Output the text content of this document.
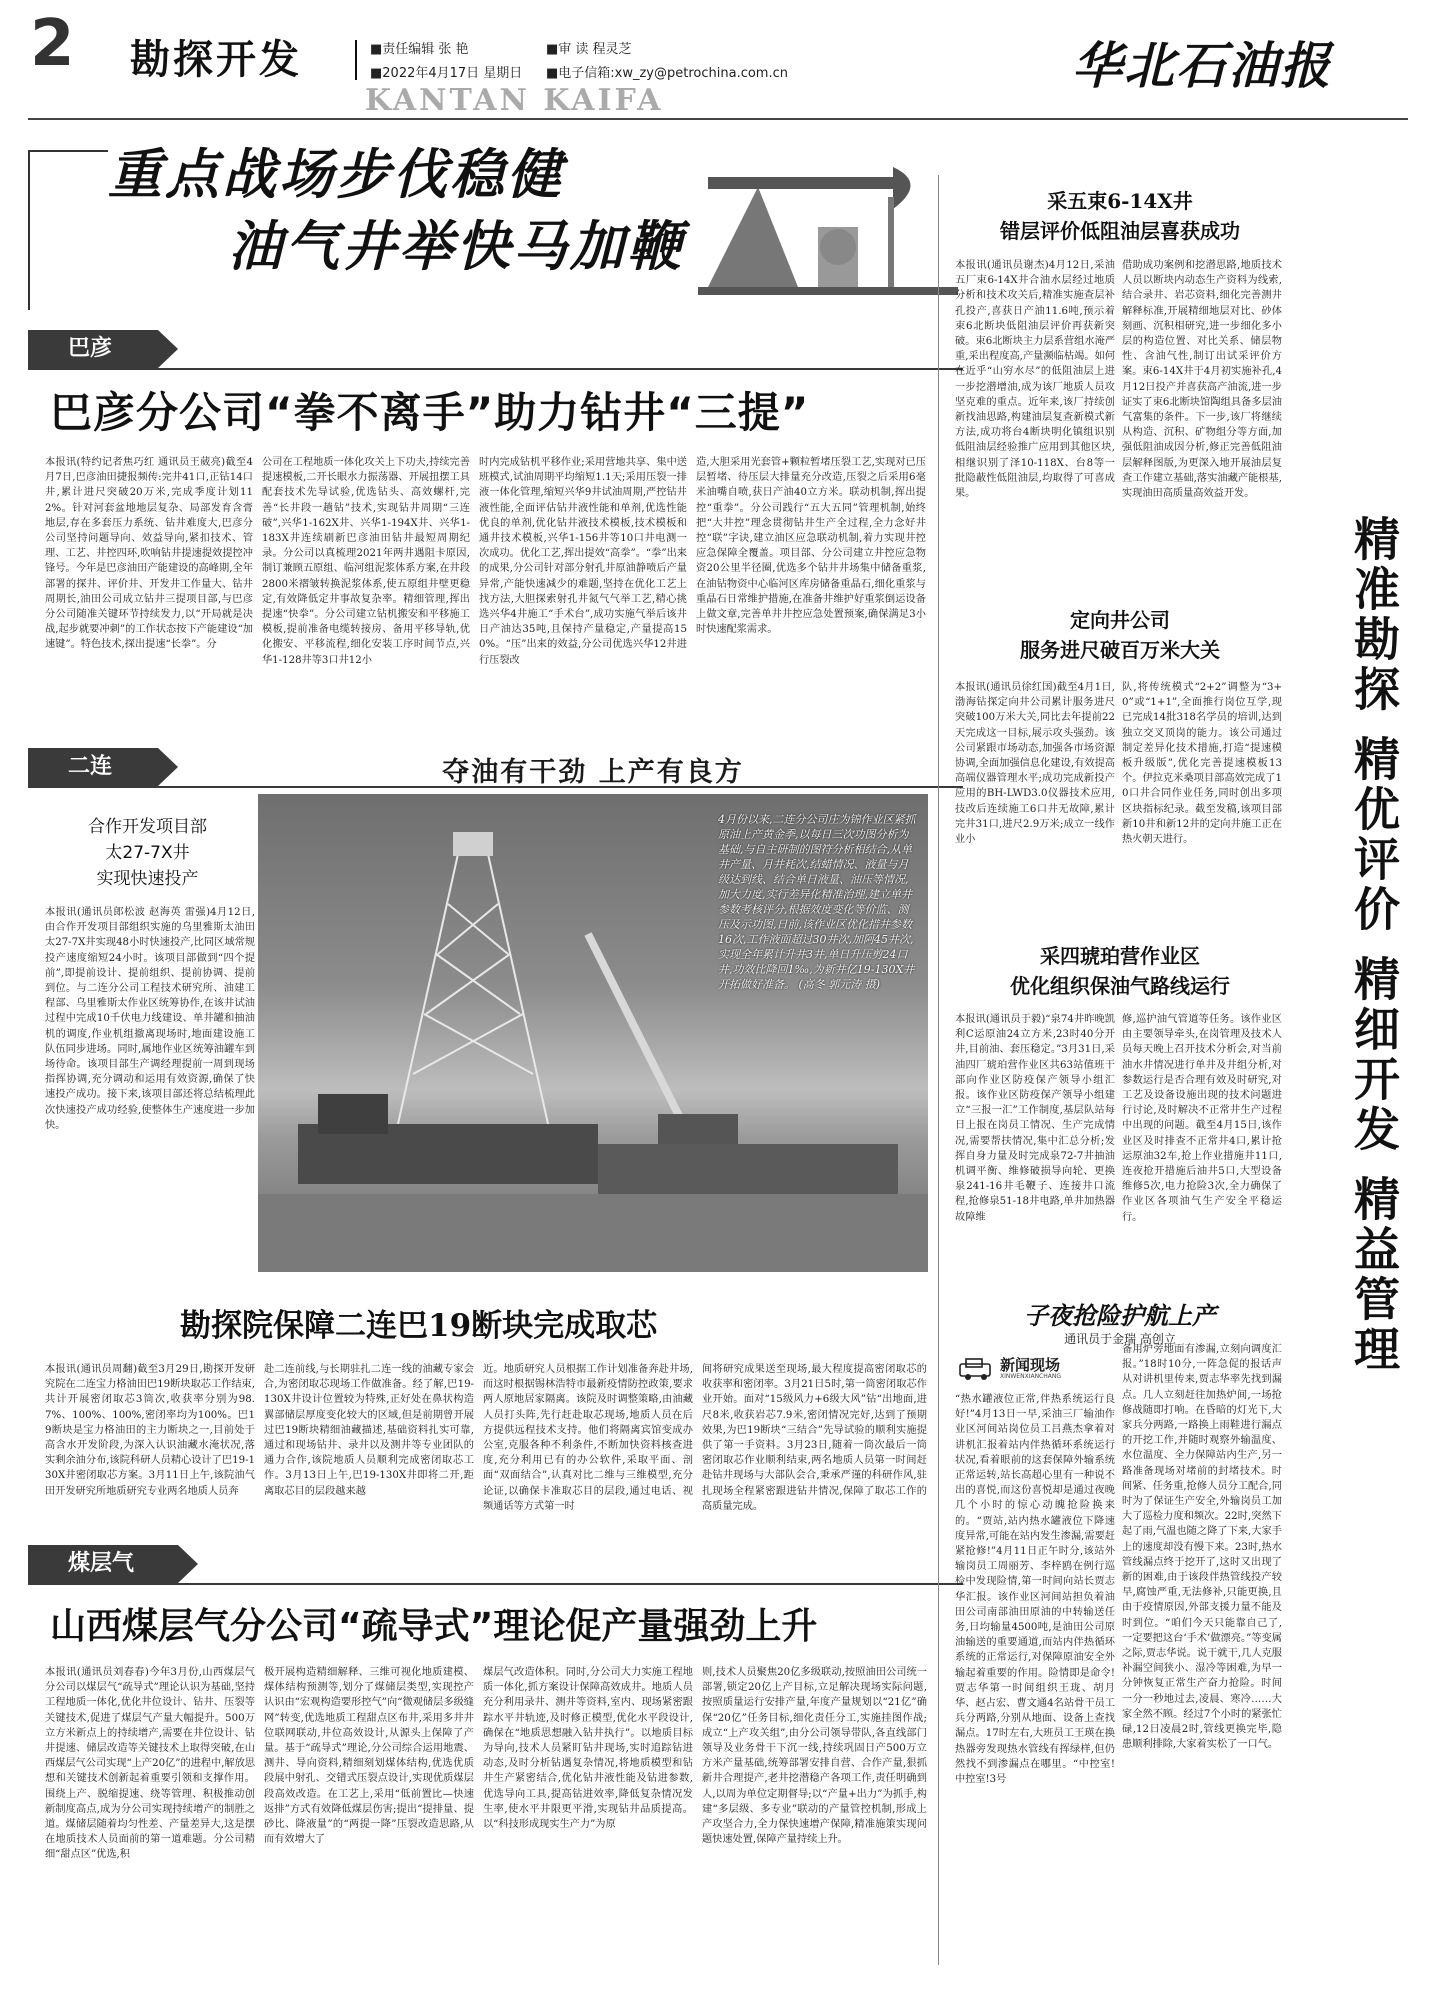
2 勘探开发	■责任编辑 张 艳	■审 读 程灵芝
■2022年4月17日 星期日 ■电子信箱:xw_zy@petrochina.com.cn
KANTAN KAIFA
华北石油报
重点战场步伐稳健
油气井举快马加鞭
巴彦
巴彦分公司“拳不离手”助力钻井“三提”
本报讯(特约记者焦巧红 通讯员王葳亮)截至4月7日,巴彦油田捷报频传:完井41口,正钻14口井,累计进尺突破20万米,完成季度计划112%。针对河套盆地地层复杂、局部发育含膏地层,存在多套压力系统、钻井难度大,巴彦分公司坚持问题导向、效益导向,紧扣技术、管理、工艺、井控四环,吹响钻井提速提效提控冲锋号。今年是巴彦油田产能建设的高峰期,全年部署的探井、评价井、开发井工作量大、钻井周期长,油田公司成立钻井三提项目部,与巴彦分公司随准关键环节持续发力,以“开局就是决战,起步就要冲刺”的工作状态按下产能建设“加速键”。特色技术,探出提速“长拳”。分
公司在工程地质一体化攻关上下功夫,持续完善提速模板,二开长眼水力振荡器、开展扭摆工具配套技术先导试验,优选钻头、高效螺杆,完善“长井段一趟钻”技术,实现钻井周期“三连破”,兴华1-162X井、兴华1-194X井、兴华1-183X井连续刷新巴彦油田钻井最短周期纪录。分公司以真梳理2021年两井遇阻卡原因,制订兼顾五原组、临河组泥浆体系方案,在井段2800米褶皱转换泥浆体系,使五原组井壁更稳定,有效降低定井事故复杂率。精细管理,挥出提速“快拳”。分公司建立钻机搬安和平移施工模板,提前准备电缆转接房、备用平移导轨,优化搬安、平移流程,细化安装工序时间节点,兴华1-128井等3口井12小
时内完成钻机平移作业;采用营地共享、集中送班模式,试油周期平均缩短1.1天;采用压裂一排液一体化管理,缩短兴华9井试油周期,严控钻井液性能,全面评估钻井液性能和单剂,优选性能优良的单剂,优化钻井液技术模板,技术模板和通井技术模板,兴华1-156井等10口井电测一次成功。优化工艺,挥出提效“高拳”。“拳”出来的成果,分公司针对部分射孔井原油静喷后产量异常,产能快速减少的难题,坚持在优化工艺上找方法,大胆探索射孔井氮气气举工艺,精心挑选兴华4井施工“手术台”,成功实施气举后该井日产油达35吨,且保持产量稳定,产量提高150%。“压”出来的效益,分公司优选兴华12井进行压裂改
造,大胆采用光套管+颗粒暂堵压裂工艺,实现对已压层暂堵、待压层大排量充分改造,压裂之后采用6毫米油嘴自喷,获日产油40立方米。联动机制,挥出提控“重拳”。分公司践行“五大五同”管理机制,始终把“大井控”理念贯彻钻井生产全过程,全力念好井控“联”字诀,建立油区应急联动机制,着力实现井控应急保障全覆盖。项目部、分公司建立井控应急物资20公里半径圈,优选多个钻井井场集中储备重浆,在油钻物资中心临河区库房储备重晶石,细化重浆与重晶石日常维护措施,在准备井维护好重浆倒运设备上做文章,完善单井井控应急处置预案,确保满足3小时快速配浆需求。
二连
合作开发项目部
太27-7X井
实现快速投产
本报讯(通讯员郎松波 赵海英 雷强)4月12日,由合作开发项目部组织实施的乌里雅斯太油田太27-7X井实现48小时快速投产,比同区域常规投产速度缩短24小时。该项目部做到“四个提前”,即提前设计、提前组织、提前协调、提前到位。与二连分公司工程技术研究所、油建工程部、乌里雅斯太作业区统筹协作,在该井试油过程中完成10千伏电力线建设、单井罐和抽油机的调度,作业机组撤离现场时,地面建设施工队伍同步进场。同时,属地作业区统筹油罐车到场待命。该项目部生产调经理提前一周到现场指挥协调,充分调动和运用有效资源,确保了快速投产成功。接下来,该项目部还将总结梳理此次快速投产成功经验,使整体生产速度进一步加快。
夺油有干劲 上产有良方
4月份以来,二连分公司庄为锦作业区紧抓原油上产黄金季,以每日三次功图分析为基础,与自主研制的图符分析相结合,从单井产量、月井耗次,结蜡情况、液量与月级达到线、结合单日液量、油压等情况,加大力度,实行差异化精准治理,建立单井参数考核评分,根据效度变化等价监、测压及示功图,日前,该作业区优化措井参数16次,工作液面超过30井次,加阿45井次,实现全年累计升井3井,单日升压剪24口井,功效比降回1‰,为新井亿19-130X井开拓做好准备。 (高冬 郭元涛 摄)
勘探院保障二连巴19断块完成取芯
本报讯(通讯员周翻)截至3月29日,勘探开发研究院在二连宝力格油田巴19断块取芯工作结束,共计开展密闭取芯3筒次,收获率分别为98.7%、100%、100%,密闭率均为100%。巴19断块是宝力格油田的主力断块之一,目前处于高含水开发阶段,为深入认识油藏水淹状况,落实剩余油分布,该院科研人员精心设计了巴19-130X井密闭取芯方案。3月11日上午,该院油气田开发研究所地质研究专业两名地质人员奔
赴二连前线,与长期驻扎二连一线的油藏专家会合,为密闭取芯现场工作做准备。经了解,巴19-130X井设计位置较为特殊,正好处在鼻状构造翼部储层厚度变化较大的区域,但是前期曾开展过巴19断块精细油藏描述,基础资料扎实可靠,通过和现场钻井、录井以及测井等专业团队的通力合作,该院地质人员顺利完成密闭取芯工作。3月13日上午,巴19-130X井即将二开,距离取芯目的层段越来越
近。地质研究人员根据工作计划准备奔赴井场,而这时根据锡林浩特市最新疫情防控政策,要求两人原地居家隔离。该院及时调整策略,由油藏人员打头阵,先行赶赴取芯现场,地质人员在后方提供远程技术支持。他们将隔离宾馆变成办公室,克服各种不利条件,不断加快资料核查进度,充分利用已有的办公软件,采取平面、剖面“双面结合”,认真对比二维与三维模型,充分论证,以确保卡准取芯目的层段,通过电话、视频通话等方式第一时
间将研究成果送至现场,最大程度提高密闭取芯的收获率和密闭率。3月21日5时,第一筒密闭取芯作业开始。面对“15级风力+6级大风”钻“出地面,进尺8米,收获岩芯7.9米,密闭情况完好,达到了预期效果,为巴19断块“三结合”先导试验的顺利实施提供了第一手资料。3月23日,随着一筒次最后一筒密闭取芯作业顺利结束,两名地质人员第一时间赶赴钻井现场与大部队会合,秉承严谨的科研作风,驻扎现场全程紧密跟进钻井情况,保障了取芯工作的高质量完成。
煤层气
山西煤层气分公司“疏导式”理论促产量强劲上升
本报讯(通讯员刘春春)今年3月份,山西煤层气分公司以煤层气“疏导式”理论认识为基础,坚持工程地质一体化,优化井位设计、钻井、压裂等关键技术,促进了煤层气产量大幅提升。500万立方米新点上的持续增产,需要在井位设计、钻井提速、储层改造等关键技术上取得突破,在山西煤层气公司实现“上产20亿”的进程中,解放思想和关键技术创新起着重要引领和支撑作用。围绕上产、脱缩提速、绕等管理、积极推动创新制度高点,成为分公司实现持续增产的制胜之道。煤储层随着均匀性差、产量差异大,这是摆在地质技术人员面前的第一道难题。分公司精细“甜点区”优选,积
极开展构造精细解释、三维可视化地质建模、煤体结构预测等,划分了煤储层类型,实现控产认识由“宏观构造要形控气”向“微观储层多级缝网”转变,优选地质工程甜点区布井,采用多井井位联网联动,井位高效设计,从源头上保障了产量。基于“疏导式”理论,分公司综合运用地震、测井、导向资料,精细刻划煤体结构,优选优质段展中射孔、交错式压裂点设计,实现优质煤层段高效改造。在工艺上,采用“低前置比—快速返排”方式有效降低煤层伤害;提出“提排量、提砂比、降液量”的“两提一降”压裂改造思路,从而有效增大了
煤层气改造体积。同时,分公司大力实施工程地质一体化,抓方案设计保障高效成井。地质人员充分利用录井、测井等资料,室内、现场紧密跟踪水平井轨迹,及时修正模型,优化水平段设计,确保在“地质思想融入钻井执行”。以地质目标为导向,技术人员紧盯钻井现场,实时追踪钻进动态,及时分析钻遇复杂情况,将地质模型和钻井生产紧密结合,优化钻井液性能及钻进参数,优选导向工具,提高钻进效率,降低复杂情况发生率,使水平井限更平滑,实现钻井品质提高。以“科技形成现实生产力”为原
则,技术人员聚焦20亿多级联动,按照油田公司统一部署,锁定20亿上产目标,立足解决现场实际问题,按照质量运行安排产量,年度产量规划以“21亿”确保“20亿”任务目标,细化责任分工,实施挂图作战;成立“上产攻关组”,由分公司领导带队,各直线部门领导及业务骨干下沉一线,持续巩固日产500万立方米产量基础,统筹部署安排自营、合作产量,狠抓新井合理提产,老井挖潜稳产各项工作,责任明确到人,以周为单位定期督导;以“产量+出力”为抓手,构建“多层级、多专业”联动的产量管控机制,形成上产攻坚合力,全力保快速增产保障,精准施策实现问题快速处置,保障产量持续上升。
采五束6-14X井
错层评价低阻油层喜获成功
本报讯(通讯员谢杰)4月12日,采油五厂束6-14X井合油水层经过地质分析和技术攻关后,精准实施查层补孔投产,喜获日产油11.6吨,预示着束6北断块低阻油层评价再获新突破。束6北断块主力层系营组水淹严重,采出程度高,产量濒临枯竭。如何在近乎“山穷水尽”的低阻油层上进一步挖潜增油,成为该厂地质人员攻坚克难的重点。近年来,该厂持续创新找油思路,构建油层复查新模式新方法,成功将台4断块明化镇组识别低阻油层经验推广应用到其他区块,相继识别了泽10-118X、台8等一批隐蔽性低阻油层,均取得了可喜成果。
借助成功案例和挖潜思路,地质技术人员以断块内动态生产资料为线索,结合录井、岩芯资料,细化完善测井解释标准,开展精细地层对比、砂体刻画、沉积相研究,进一步细化多小层的构造位置、对比关系、储层物性、含油气性,制订出试采评价方案。束6-14X井于4月初实施补孔,4月12日投产并喜获高产油流,进一步证实了束6北断块馆陶组具备多层油气富集的条件。下一步,该厂将继续从构造、沉积、矿物组分等方面,加强低阻油成因分析,修正完善低阻油层解释图版,为更深入地开展油层复查工作建立基础,落实油藏产能根基,实现油田高质量高效益开发。
定向井公司
服务进尺破百万米大关
本报讯(通讯员徐红国)截至4月1日,渤海钻探定向井公司累计服务进尺突破100万米大关,同比去年提前22天完成这一目标,展示攻头强劲。该公司紧跟市场动态,加强各市场资源协调,全面加强信息化建设,有效提高高端仪器管理水平;成功完成新投产应用的BH-LWD3.0仪器技术应用,技改后连续施工6口井无故障,累计完井31口,进尺2.9万米;成立一线作业小
队,将传统模式“2+2”调整为“3+0”或“1+1”,全面推行岗位互学,现已完成14批318名学员的培训,达到独立交叉顶岗的能力。该公司通过制定差异化技术措施,打造“提速模板升级版”,优化完善提速模板13个。伊拉克米桑项目部高效完成了10口井合同作业任务,同时创出多项区块指标纪录。截至发稿,该项目部新10井和新12井的定向井施工正在热火朝天进行。
采四琥珀营作业区
优化组织保油气路线运行
本报讯(通讯员于毅)“泉74井昨晚凯利C运原油24立方米,23时40分开井,目前油、套压稳定。”3月31日,采油四厂琥珀营作业区共63站值班干部向作业区防疫保产领导小组汇报。该作业区防疫保产领导小组建立“三报一汇”工作制度,基层队站每日上报在岗员工情况、生产完成情况,需要帮扶情况,集中汇总分析;发挥自身力量及时完成泉72-7井抽油机调平衡、维修破损导向轮、更换泉241-16井毛鞭子、连接井口流程,抢修泉51-18井电路,单井加热器故障维
修,巡护油气管道等任务。该作业区由主要领导牵头,在岗管理及技术人员每天晚上召开技术分析会,对当前油水井情况进行单井及井组分析,对参数运行是否合理有效及时研究,对工艺及设备设施出现的技术问题进行讨论,及时解决不正常井生产过程中出现的问题。截至4月15日,该作业区及时排查不正常井4口,累计抢运原油32车,抢上作业措施井11口,连夜抢开措施后油井5口,大型设备维修5次,电力抢险3次,全力确保了作业区各项油气生产安全平稳运行。
子夜抢险护航上产
通讯员于金瑞 高创立
新闻现场
XINWENXIANCHANG
“热水罐液位正常,伴热系统运行良好!”4月13日一早,采油三厂输油作业区河间站岗位员工吕燕杰拿着对讲机汇报着站内伴热循环系统运行状况,看着眼前的这套保障外输系统正常运转,站长高超心里有一种说不出的喜悦,而这份喜悦却是通过夜晚几个小时的惊心动魄抢险换来的。“贾站,站内热水罐液位下降速度异常,可能在站内发生渗漏,需要赶紧抢修!”4月11日正午时分,该站外输岗员工周丽芳、李梓鸥在例行巡检中发现险情,第一时间向站长贾志华汇报。该作业区河间站担负着油田公司南部油田原油的中转输送任务,日均输量4500吨,是油田公司原油输送的重要通道,而站内伴热循环系统的正常运行,对保障原油安全外输起着重要的作用。险情即是命令!贾志华第一时间组织王珑、胡月华、赵占宏、曹文通4名站骨干员工兵分两路,分别从地面、设备上查找漏点。17时左右,大班员工王瑛在换热器旁发现热水管线有挥绿样,但仍然找不到渗漏点在哪里。“中控室!中控室!3号
备用炉旁地面有渗漏,立刻向调度汇报。”18时10分,一阵急促的报话声从对讲机里传来,贾志华率先找到漏点。几人立刻赶往加热炉间,一场抢修战随即打响。在昏暗的灯光下,大家兵分两路,一路换上雨鞋进行漏点的开挖工作,并随时观察外输温度、水位温度、全力保障站内生产,另一路准备现场对堵前的封堵技术。时间紧、任务重,抢修人员分工配合,同时为了保证生产安全,外输岗员工加大了巡检力度和频次。22时,突然下起了雨,气温也随之降了下来,大家手上的速度却没有慢下来。23时,热水管线漏点终于挖开了,这时又出现了新的困难,由于该段伴热管线投产较早,腐蚀严重,无法修补,只能更换,且由于疫情原因,外部支援力量不能及时到位。“咱们今天只能靠自己了,一定要把这台‘手术’做漂亮。”等变属之际,贾志华说。说干就干,几人克服补漏空间狭小、湿冷等困难,为早一分钟恢复正常生产奋力抢险。时间一分一秒地过去,凌晨、寒冷……大家全然不顾。经过7个小时的紧张忙碌,12日凌晨2时,管线更换完毕,隐患顺利排除,大家着实松了一口气。
精准勘探 精优评价 精细开发 精益管理
